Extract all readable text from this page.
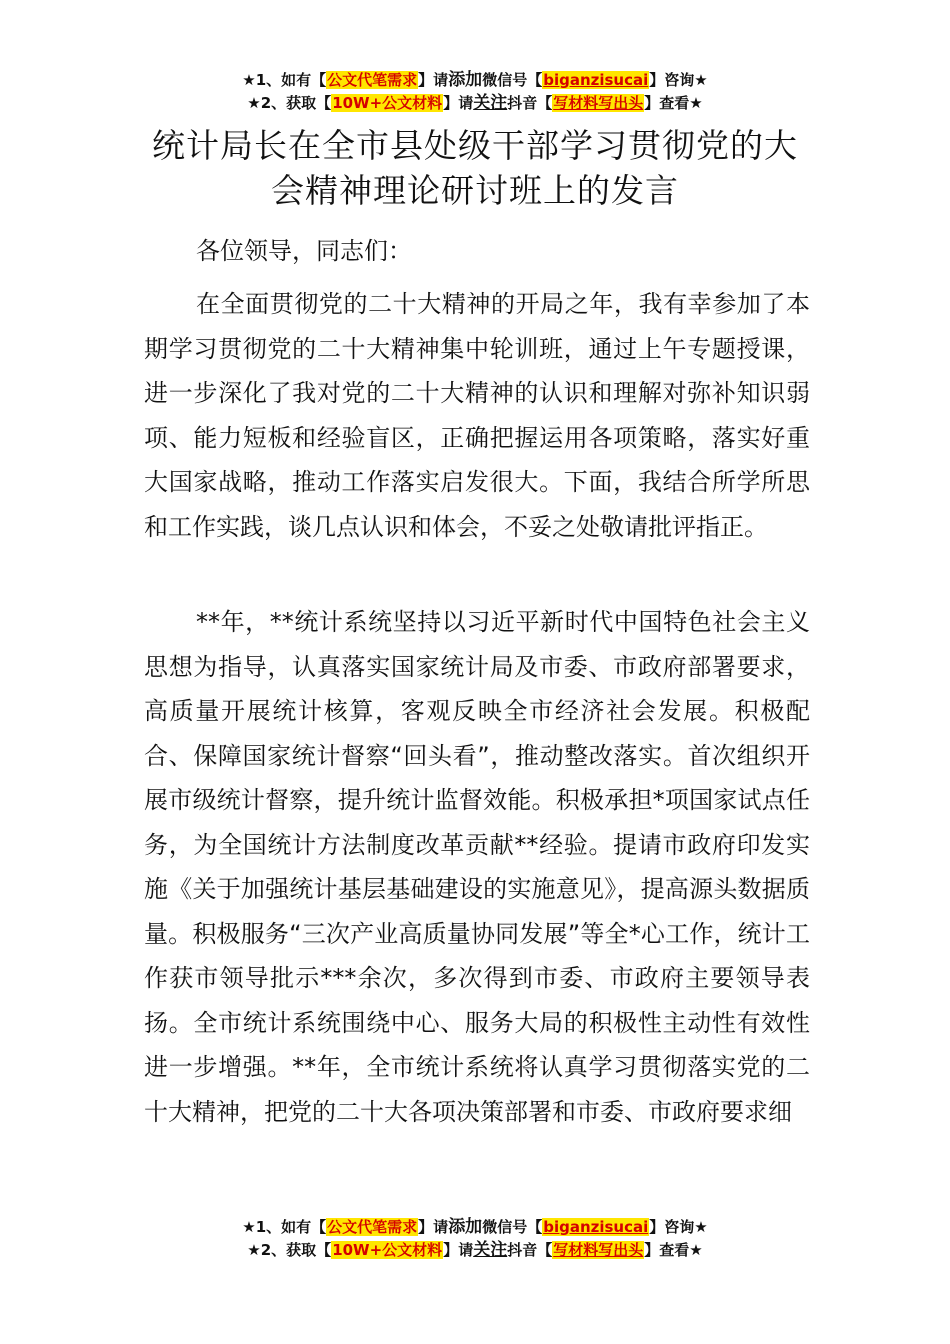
★1、如有【公文代笔需求】请添加微信号【biganzisucai】咨询★
★2、获取【10W+公文材料】请关注抖音【写材料写出头】查看★
统计局长在全市县处级干部学习贯彻党的大会精神理论研讨班上的发言

各位领导，同志们：

在全面贯彻党的二十大精神的开局之年，我有幸参加了本期学习贯彻党的二十大精神集中轮训班，通过上午专题授课，进一步深化了我对党的二十大精神的认识和理解对弥补知识弱项、能力短板和经验盲区，正确把握运用各项策略，落实好重大国家战略，推动工作落实启发很大。下面，我结合所学所思和工作实践，谈几点认识和体会，不妥之处敬请批评指正。

**年，**统计系统坚持以习近平新时代中国特色社会主义思想为指导，认真落实国家统计局及市委、市政府部署要求，高质量开展统计核算，客观反映全市经济社会发展。积极配合、保障国家统计督察“回头看”，推动整改落实。首次组织开展市级统计督察，提升统计监督效能。积极承担*项国家试点任务，为全国统计方法制度改革贡献**经验。提请市政府印发实施《关于加强统计基层基础建设的实施意见》，提高源头数据质量。积极服务“三次产业高质量协同发展”等全*心工作，统计工作获市领导批示***余次，多次得到市委、市政府主要领导表扬。全市统计系统围绕中心、服务大局的积极性主动性有效性进一步增强。**年，全市统计系统将认真学习贯彻落实党的二十大精神，把党的二十大各项决策部署和市委、市政府要求细

★1、如有【公文代笔需求】请添加微信号【biganzisucai】咨询★
★2、获取【10W+公文材料】请关注抖音【写材料写出头】查看★
